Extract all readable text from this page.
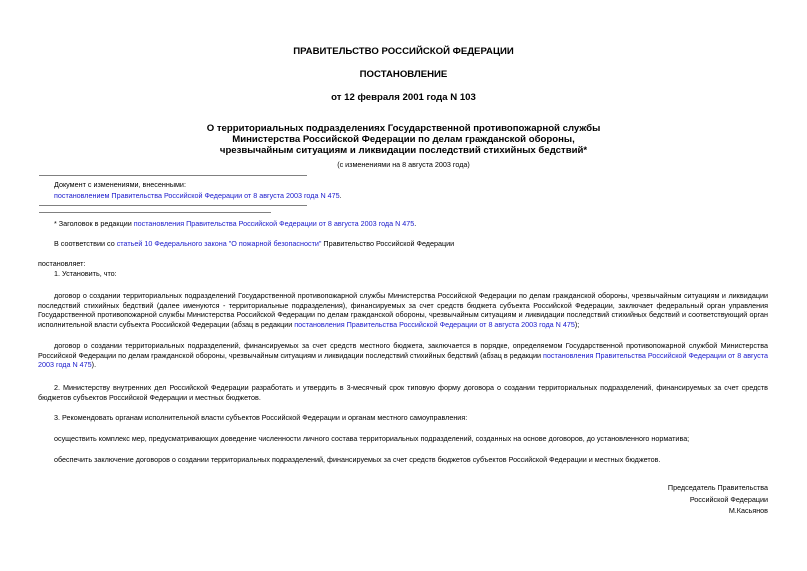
ПРАВИТЕЛЬСТВО РОССИЙСКОЙ ФЕДЕРАЦИИ
ПОСТАНОВЛЕНИЕ
от 12 февраля 2001 года N 103
О территориальных подразделениях Государственной противопожарной службы
Министерства Российской Федерации по делам гражданской обороны,
чрезвычайным ситуациям и ликвидации последствий стихийных бедствий*
(с изменениями на 8 августа 2003 года)
Документ с изменениями, внесенными:
постановлением Правительства Российской Федерации от 8 августа 2003 года N 475.
* Заголовок в редакции постановления Правительства Российской Федерации от 8 августа 2003 года N 475.
В соответствии со статьей 10 Федерального закона "О пожарной безопасности" Правительство Российской Федерации
постановляет:
1. Установить, что:
договор о создании территориальных подразделений Государственной противопожарной службы Министерства Российской Федерации по делам гражданской обороны, чрезвычайным ситуациям и ликвидации последствий стихийных бедствий (далее именуются - территориальные подразделения), финансируемых за счет средств бюджета субъекта Российской Федерации, заключает федеральный орган управления Государственной противопожарной службы Министерства Российской Федерации по делам гражданской обороны, чрезвычайным ситуациям и ликвидации последствий стихийных бедствий и соответствующий орган исполнительной власти субъекта Российской Федерации (абзац в редакции постановления Правительства Российской Федерации от 8 августа 2003 года N 475);
договор о создании территориальных подразделений, финансируемых за счет средств местного бюджета, заключается в порядке, определяемом Государственной противопожарной службой Министерства Российской Федерации по делам гражданской обороны, чрезвычайным ситуациям и ликвидации последствий стихийных бедствий (абзац в редакции постановления Правительства Российской Федерации от 8 августа 2003 года N 475).
2. Министерству внутренних дел Российской Федерации разработать и утвердить в 3-месячный срок типовую форму договора о создании территориальных подразделений, финансируемых за счет средств бюджетов субъектов Российской Федерации и местных бюджетов.
3. Рекомендовать органам исполнительной власти субъектов Российской Федерации и органам местного самоуправления:
осуществить комплекс мер, предусматривающих доведение численности личного состава территориальных подразделений, созданных на основе договоров, до установленного норматива;
обеспечить заключение договоров о создании территориальных подразделений, финансируемых за счет средств бюджетов субъектов Российской Федерации и местных бюджетов.
Председатель Правительства
Российской Федерации
М.Касьянов
